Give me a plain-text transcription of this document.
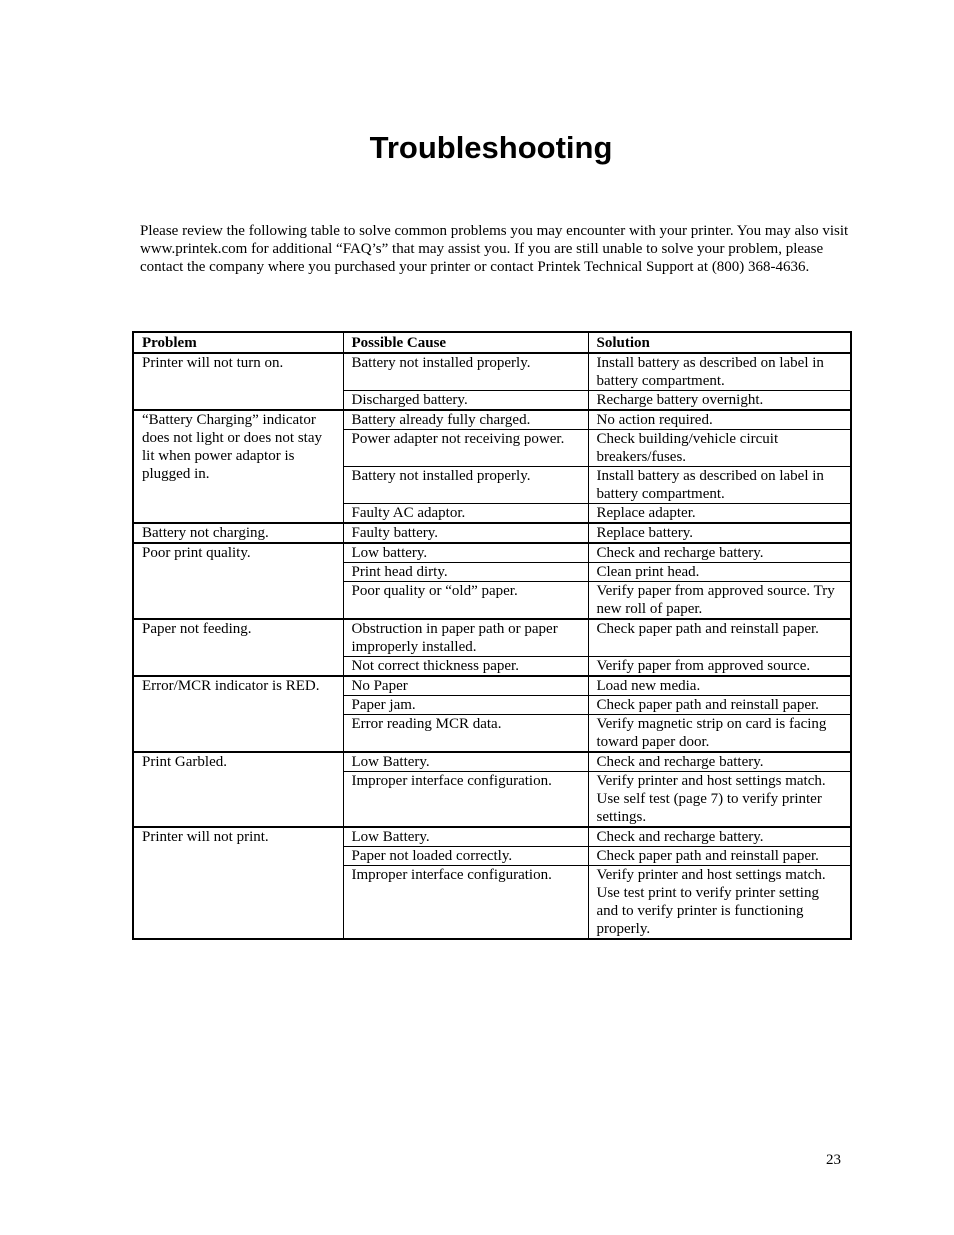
Troubleshooting

Please review the following table to solve common problems you may encounter with your printer. You may also visit www.printek.com for additional “FAQ’s” that may assist you. If you are still unable to solve your problem, please contact the company where you purchased your printer or contact Printek Technical Support at (800) 368-4636.

Problem	Possible Cause	Solution
Printer will not turn on.	Battery not installed properly.	Install battery as described on label in battery compartment.
	Discharged battery.	Recharge battery overnight.
“Battery Charging” indicator does not light or does not stay lit when power adaptor is plugged in.	Battery already fully charged.	No action required.
	Power adapter not receiving power.	Check building/vehicle circuit breakers/fuses.
	Battery not installed properly.	Install battery as described on label in battery compartment.
	Faulty AC adaptor.	Replace adapter.
Battery not charging.	Faulty battery.	Replace battery.
Poor print quality.	Low battery.	Check and recharge battery.
	Print head dirty.	Clean print head.
	Poor quality or “old” paper.	Verify paper from approved source. Try new roll of paper.
Paper not feeding.	Obstruction in paper path or paper improperly installed.	Check paper path and reinstall paper.
	Not correct thickness paper.	Verify paper from approved source.
Error/MCR indicator is RED.	No Paper	Load new media.
	Paper jam.	Check paper path and reinstall paper.
	Error reading MCR data.	Verify magnetic strip on card is facing toward paper door.
Print Garbled.	Low Battery.	Check and recharge battery.
	Improper interface configuration.	Verify printer and host settings match. Use self test (page 7) to verify printer settings.
Printer will not print.	Low Battery.	Check and recharge battery.
	Paper not loaded correctly.	Check paper path and reinstall paper.
	Improper interface configuration.	Verify printer and host settings match. Use test print to verify printer setting and to verify printer is functioning properly.
23
